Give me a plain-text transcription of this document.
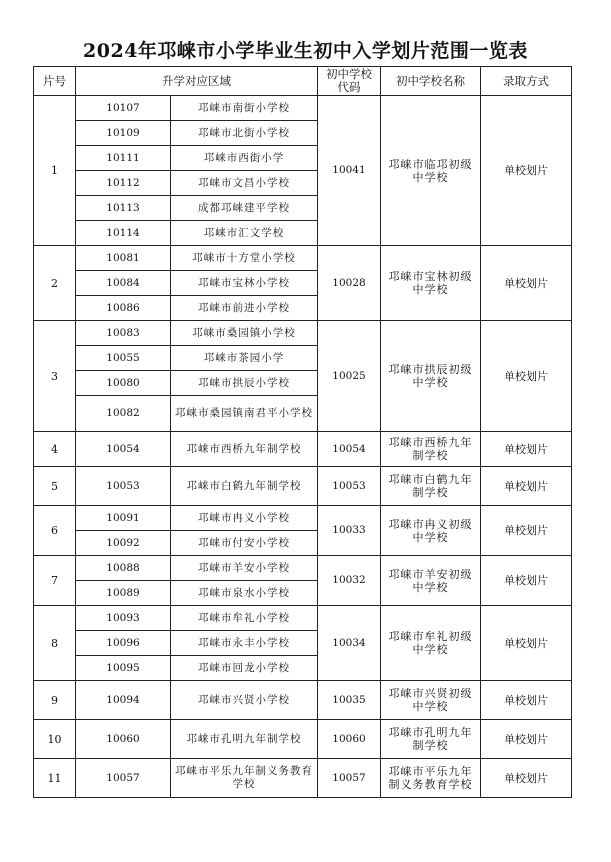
2024年邛崃市小学毕业生初中入学划片范围一览表
片号	升学对应区域		初中学校代码	初中学校名称	录取方式
1	10107	邛崃市南街小学校	10041	邛崃市临邛初级中学校	单校划片
	10109	邛崃市北街小学校			
	10111	邛崃市西街小学			
	10112	邛崃市文昌小学校			
	10113	成都邛崃建平学校			
	10114	邛崃市汇文学校			
2	10081	邛崃市十方堂小学校	10028	邛崃市宝林初级中学校	单校划片
	10084	邛崃市宝林小学校			
	10086	邛崃市前进小学校			
3	10083	邛崃市桑园镇小学校	10025	邛崃市拱辰初级中学校	单校划片
	10055	邛崃市茶园小学			
	10080	邛崃市拱辰小学校			
	10082	邛崃市桑园镇南君平小学校			
4	10054	邛崃市西桥九年制学校	10054	邛崃市西桥九年制学校	单校划片
5	10053	邛崃市白鹤九年制学校	10053	邛崃市白鹤九年制学校	单校划片
6	10091	邛崃市冉义小学校	10033	邛崃市冉义初级中学校	单校划片
	10092	邛崃市付安小学校			
7	10088	邛崃市羊安小学校	10032	邛崃市羊安初级中学校	单校划片
	10089	邛崃市泉水小学校			
8	10093	邛崃市牟礼小学校	10034	邛崃市牟礼初级中学校	单校划片
	10096	邛崃市永丰小学校			
	10095	邛崃市回龙小学校			
9	10094	邛崃市兴贤小学校	10035	邛崃市兴贤初级中学校	单校划片
10	10060	邛崃市孔明九年制学校	10060	邛崃市孔明九年制学校	单校划片
11	10057	邛崃市平乐九年制义务教育学校	10057	邛崃市平乐九年制义务教育学校	单校划片
